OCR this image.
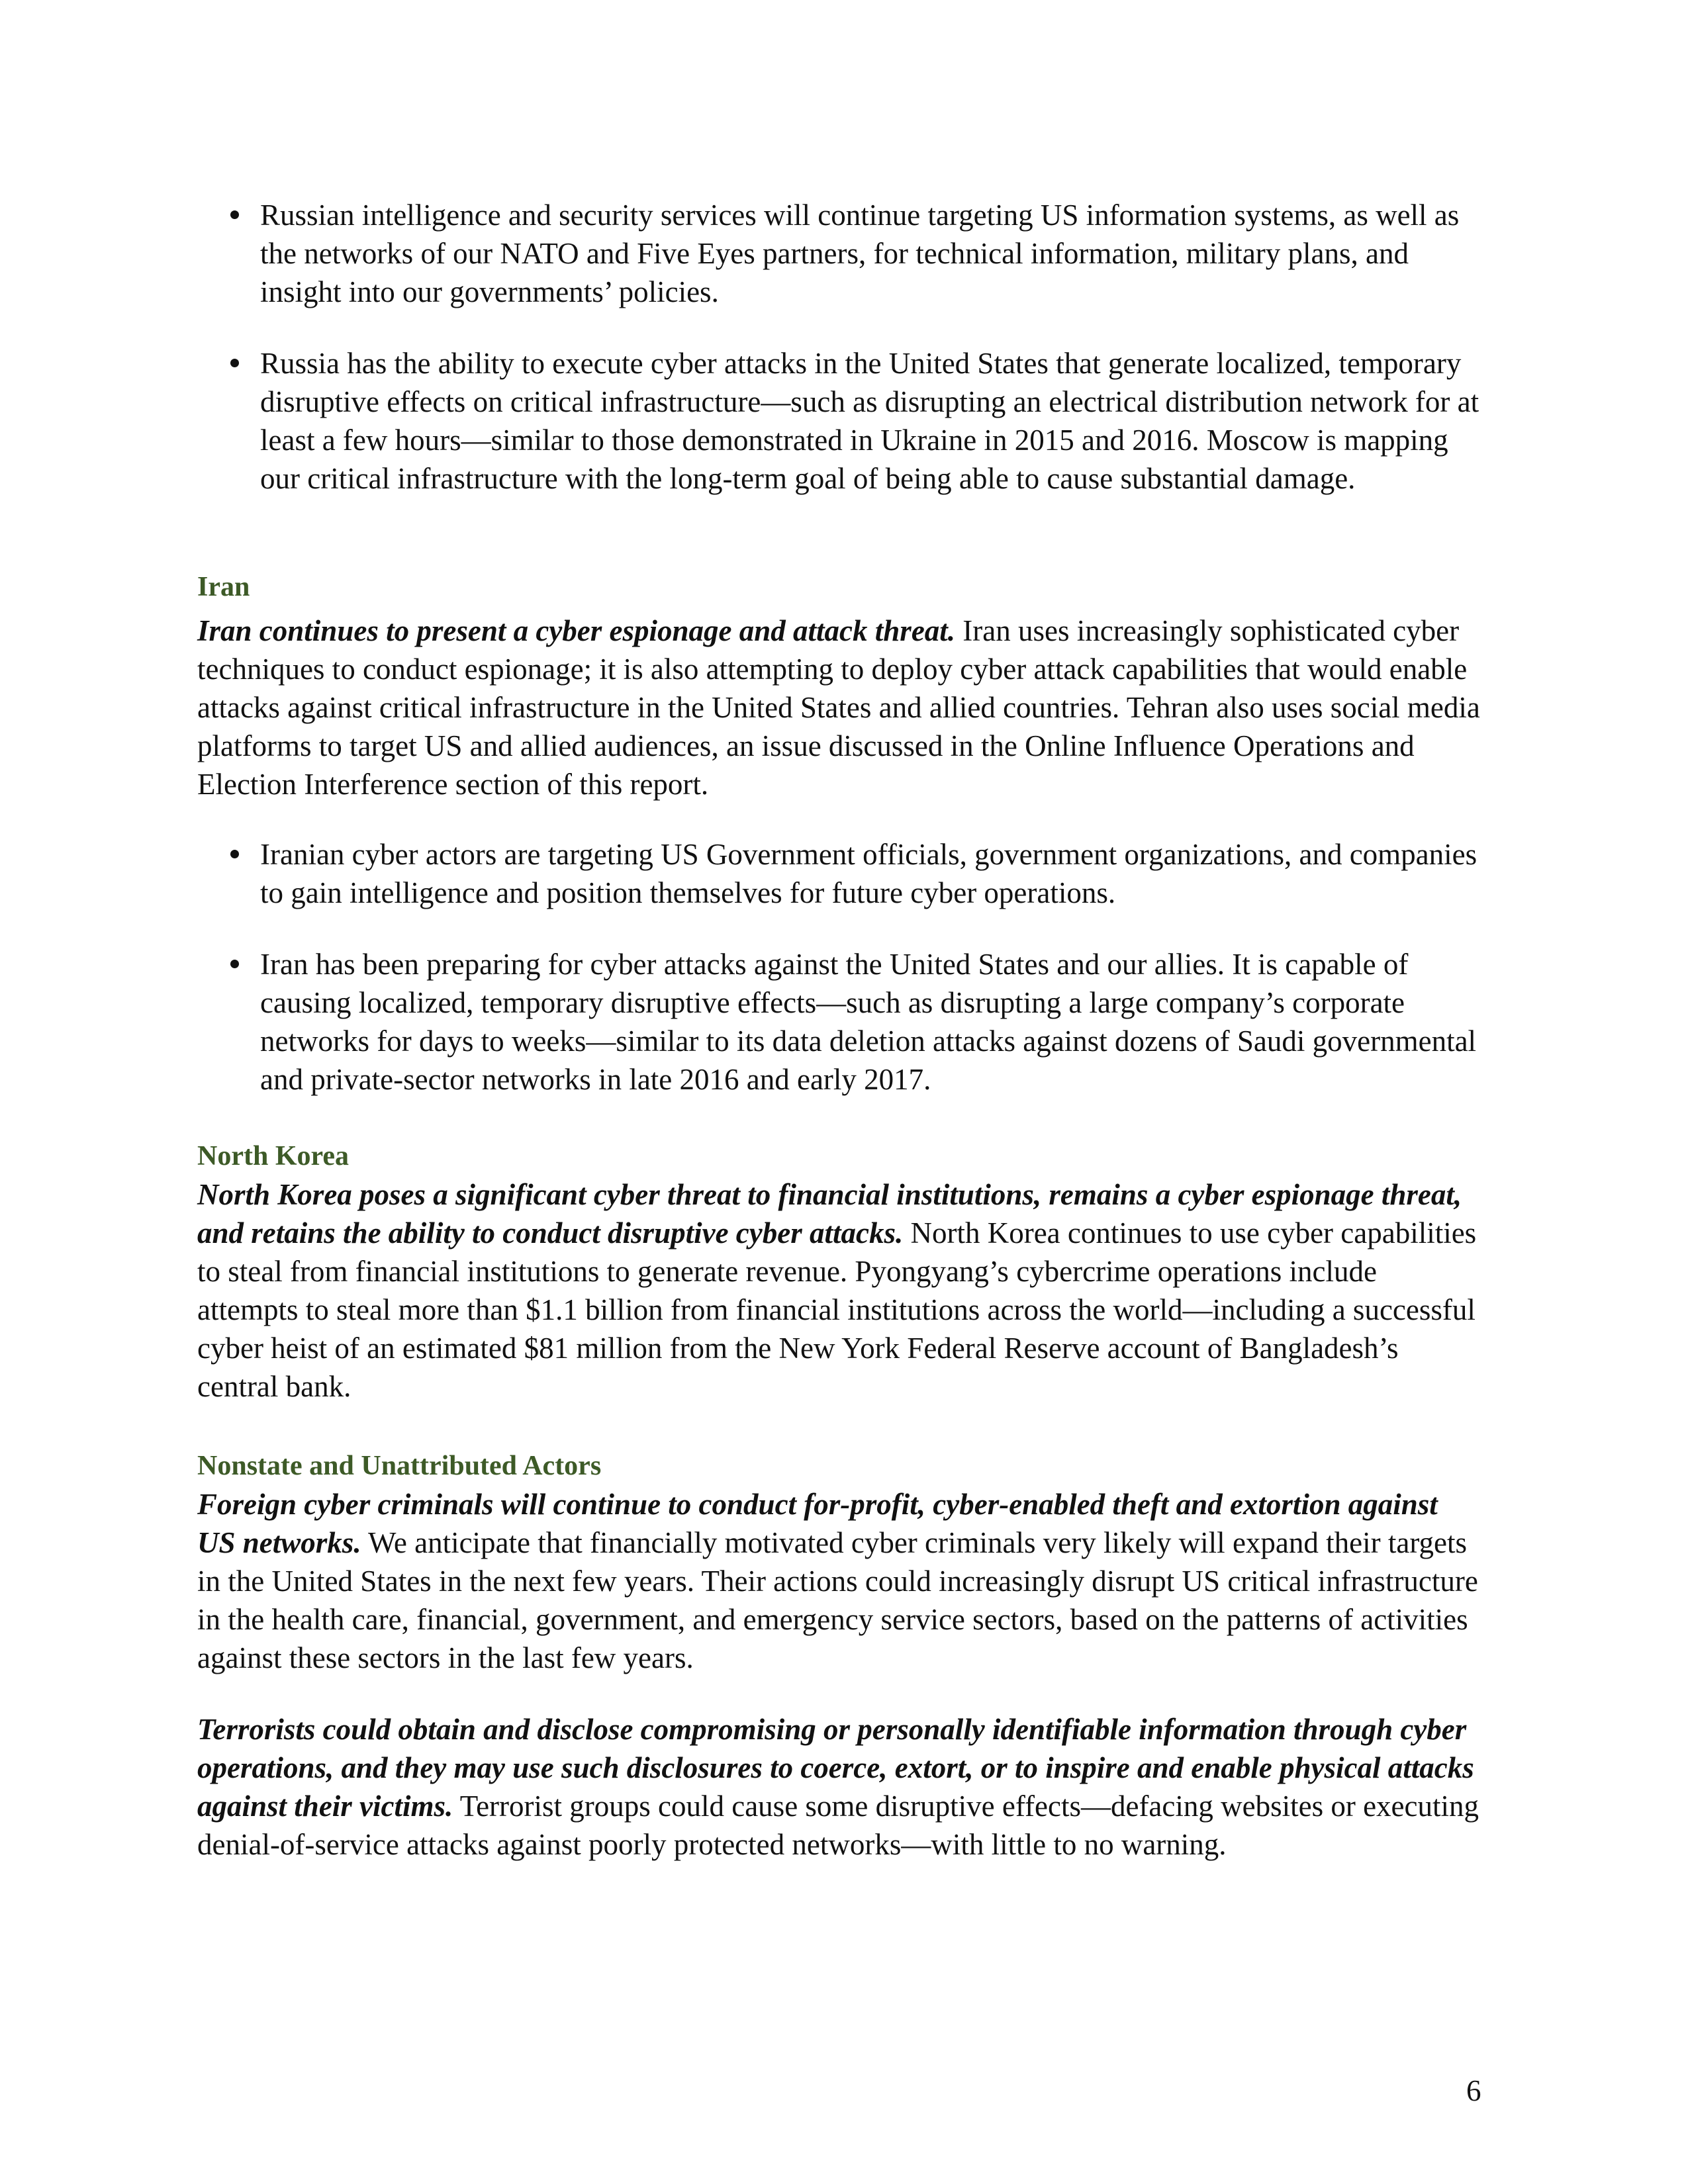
Russian intelligence and security services will continue targeting US information systems, as well as the networks of our NATO and Five Eyes partners, for technical information, military plans, and insight into our governments’ policies.
Russia has the ability to execute cyber attacks in the United States that generate localized, temporary disruptive effects on critical infrastructure—such as disrupting an electrical distribution network for at least a few hours—similar to those demonstrated in Ukraine in 2015 and 2016. Moscow is mapping our critical infrastructure with the long-term goal of being able to cause substantial damage.
Iran

Iran continues to present a cyber espionage and attack threat. Iran uses increasingly sophisticated cyber techniques to conduct espionage; it is also attempting to deploy cyber attack capabilities that would enable attacks against critical infrastructure in the United States and allied countries. Tehran also uses social media platforms to target US and allied audiences, an issue discussed in the Online Influence Operations and Election Interference section of this report.

Iranian cyber actors are targeting US Government officials, government organizations, and companies to gain intelligence and position themselves for future cyber operations.
Iran has been preparing for cyber attacks against the United States and our allies. It is capable of causing localized, temporary disruptive effects—such as disrupting a large company’s corporate networks for days to weeks—similar to its data deletion attacks against dozens of Saudi governmental and private-sector networks in late 2016 and early 2017.
North Korea

North Korea poses a significant cyber threat to financial institutions, remains a cyber espionage threat, and retains the ability to conduct disruptive cyber attacks. North Korea continues to use cyber capabilities to steal from financial institutions to generate revenue. Pyongyang’s cybercrime operations include attempts to steal more than $1.1 billion from financial institutions across the world—including a successful cyber heist of an estimated $81 million from the New York Federal Reserve account of Bangladesh’s central bank.

Nonstate and Unattributed Actors

Foreign cyber criminals will continue to conduct for-profit, cyber-enabled theft and extortion against US networks. We anticipate that financially motivated cyber criminals very likely will expand their targets in the United States in the next few years. Their actions could increasingly disrupt US critical infrastructure in the health care, financial, government, and emergency service sectors, based on the patterns of activities against these sectors in the last few years.

Terrorists could obtain and disclose compromising or personally identifiable information through cyber operations, and they may use such disclosures to coerce, extort, or to inspire and enable physical attacks against their victims. Terrorist groups could cause some disruptive effects—defacing websites or executing denial-of-service attacks against poorly protected networks—with little to no warning.

6
